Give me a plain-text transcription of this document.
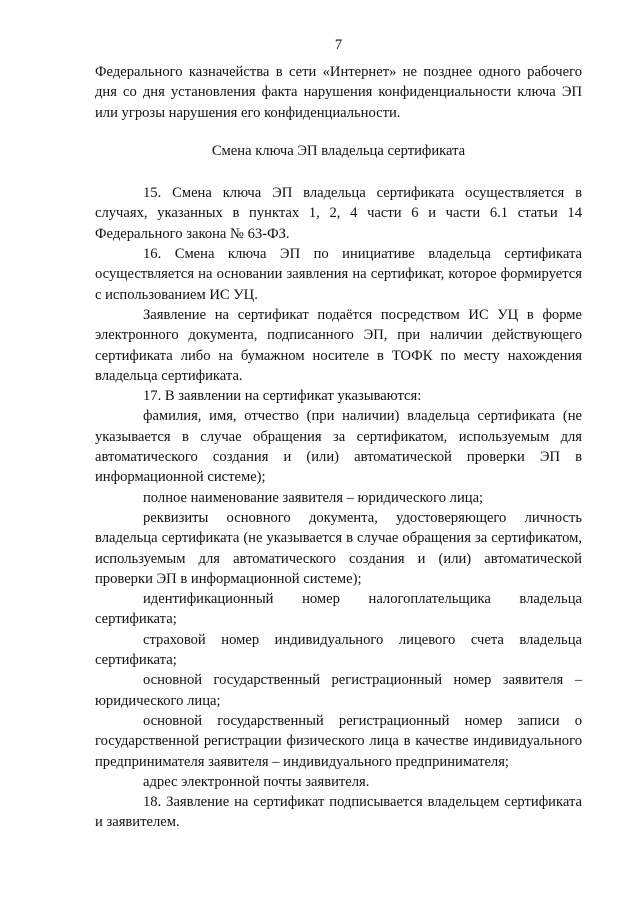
7

Федерального казначейства в сети «Интернет» не позднее одного рабочего дня со дня установления факта нарушения конфиденциальности ключа ЭП или угрозы нарушения его конфиденциальности.

Смена ключа ЭП владельца сертификата

15. Смена ключа ЭП владельца сертификата осуществляется в случаях, указанных в пунктах 1, 2, 4 части 6 и части 6.1 статьи 14 Федерального закона № 63-ФЗ.

16. Смена ключа ЭП по инициативе владельца сертификата осуществляется на основании заявления на сертификат, которое формируется с использованием ИС УЦ.

Заявление на сертификат подаётся посредством ИС УЦ в форме электронного документа, подписанного ЭП, при наличии действующего сертификата либо на бумажном носителе в ТОФК по месту нахождения владельца сертификата.

17. В заявлении на сертификат указываются:

фамилия, имя, отчество (при наличии) владельца сертификата (не указывается в случае обращения за сертификатом, используемым для автоматического создания и (или) автоматической проверки ЭП в информационной системе);

полное наименование заявителя – юридического лица;

реквизиты основного документа, удостоверяющего личность владельца сертификата (не указывается в случае обращения за сертификатом, используемым для автоматического создания и (или) автоматической проверки ЭП в информационной системе);

идентификационный номер налогоплательщика владельца сертификата;

страховой номер индивидуального лицевого счета владельца сертификата;

основной государственный регистрационный номер заявителя – юридического лица;

основной государственный регистрационный номер записи о государственной регистрации физического лица в качестве индивидуального предпринимателя заявителя – индивидуального предпринимателя;

адрес электронной почты заявителя.

18. Заявление на сертификат подписывается владельцем сертификата и заявителем.
